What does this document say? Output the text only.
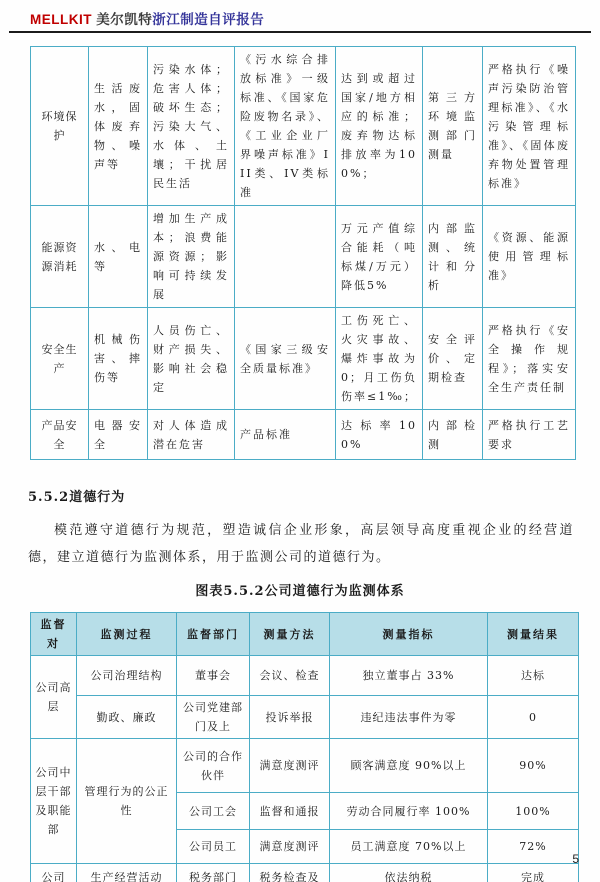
MELLKIT 美尔凯特浙江制造自评报告
环境保护	生活废水，固体废弃物、噪声等	污染水体；危害人体；破坏生态；污染大气、水体、土壤；干扰居民生活	《污水综合排放标准》一级标准、《国家危险废物名录》、《工业企业厂界噪声标准》III类、IV类标准	达到或超过国家/地方相应的标准；废弃物达标排放率为100%；	第三方环境监测部门测量	严格执行《噪声污染防治管理标准》、《水污染管理标准》、《固体废弃物处置管理标准》
能源资源消耗	水、电等	增加生产成本；浪费能源资源；影响可持续发展		万元产值综合能耗（吨标煤/万元）降低5%	内部监测、统计和分析	《资源、能源使用管理标准》
安全生产	机械伤害、摔伤等	人员伤亡、财产损失、影响社会稳定	《国家三级安全质量标准》	工伤死亡、火灾事故、爆炸事故为0；月工伤负伤率≤1‰；	安全评价、定期检查	严格执行《安全操作规程》；落实安全生产责任制
产品安全	电器安全	对人体造成潜在危害	产品标准	达标率100%	内部检测	严格执行工艺要求
5.5.2道德行为
模范遵守道德行为规范，塑造诚信企业形象，高层领导高度重视企业的经营道德，建立道德行为监测体系，用于监测公司的道德行为。
图表5.5.2公司道德行为监测体系
监督对	监测过程	监督部门	测量方法	测量指标	测量结果
公司高层	公司治理结构	董事会	会议、检查	独立董事占 33%	达标
	勤政、廉政	公司党建部门及上	投诉举报	违纪违法事件为零	0
公司中层干部及职能部	管理行为的公正性	公司的合作伙伴	满意度测评	顾客满意度 90%以上	90%
		公司工会	监督和通报	劳动合同履行率 100%	100%
		公司员工	满意度测评	员工满意度 70%以上	72%
公司	生产经营活动	税务部门	税务检查及	依法纳税	完成
5
